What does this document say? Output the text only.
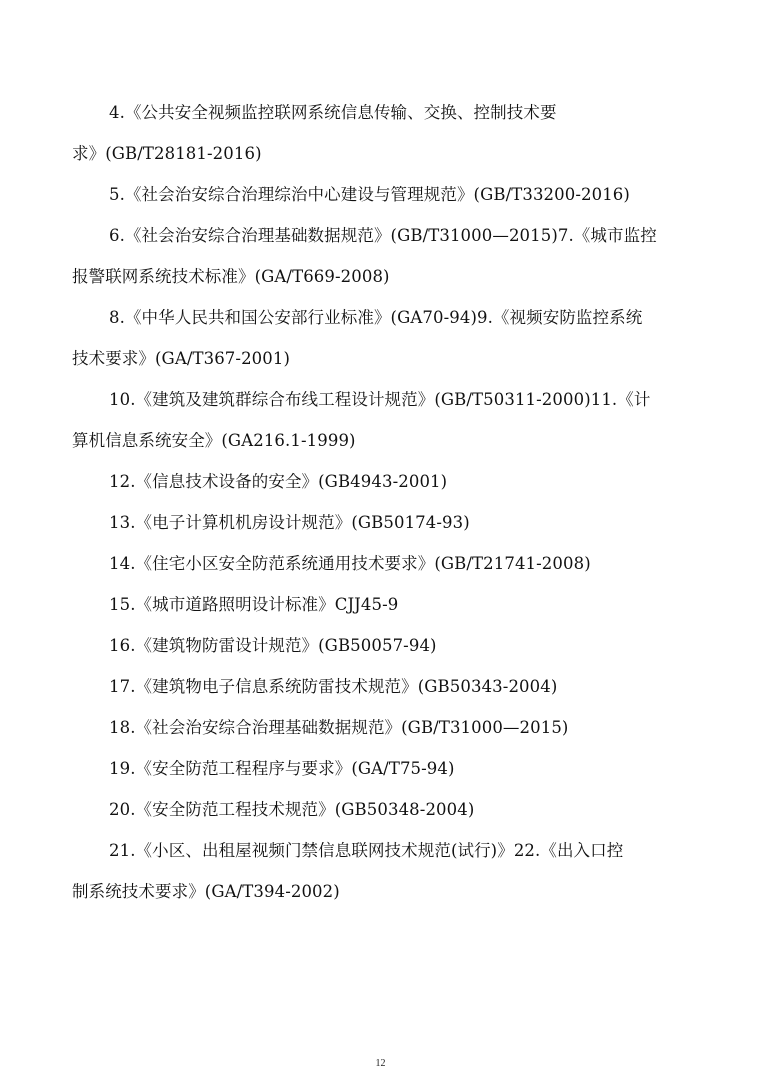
4.《公共安全视频监控联网系统信息传输、交换、控制技术要
求》(GB/T28181-2016)

5.《社会治安综合治理综治中心建设与管理规范》(GB/T33200-2016)

6.《社会治安综合治理基础数据规范》(GB/T31000—2015)7.《城市监控
报警联网系统技术标准》(GA/T669-2008)

8.《中华人民共和国公安部行业标准》(GA70-94)9.《视频安防监控系统
技术要求》(GA/T367-2001)

10.《建筑及建筑群综合布线工程设计规范》(GB/T50311-2000)11.《计
算机信息系统安全》(GA216.1-1999)

12.《信息技术设备的安全》(GB4943-2001)

13.《电子计算机机房设计规范》(GB50174-93)

14.《住宅小区安全防范系统通用技术要求》(GB/T21741-2008)

15.《城市道路照明设计标准》CJJ45-9

16.《建筑物防雷设计规范》(GB50057-94)

17.《建筑物电子信息系统防雷技术规范》(GB50343-2004)

18.《社会治安综合治理基础数据规范》(GB/T31000—2015)

19.《安全防范工程程序与要求》(GA/T75-94)

20.《安全防范工程技术规范》(GB50348-2004)

21.《小区、出租屋视频门禁信息联网技术规范(试行)》22.《出入口控
制系统技术要求》(GA/T394-2002)

12
